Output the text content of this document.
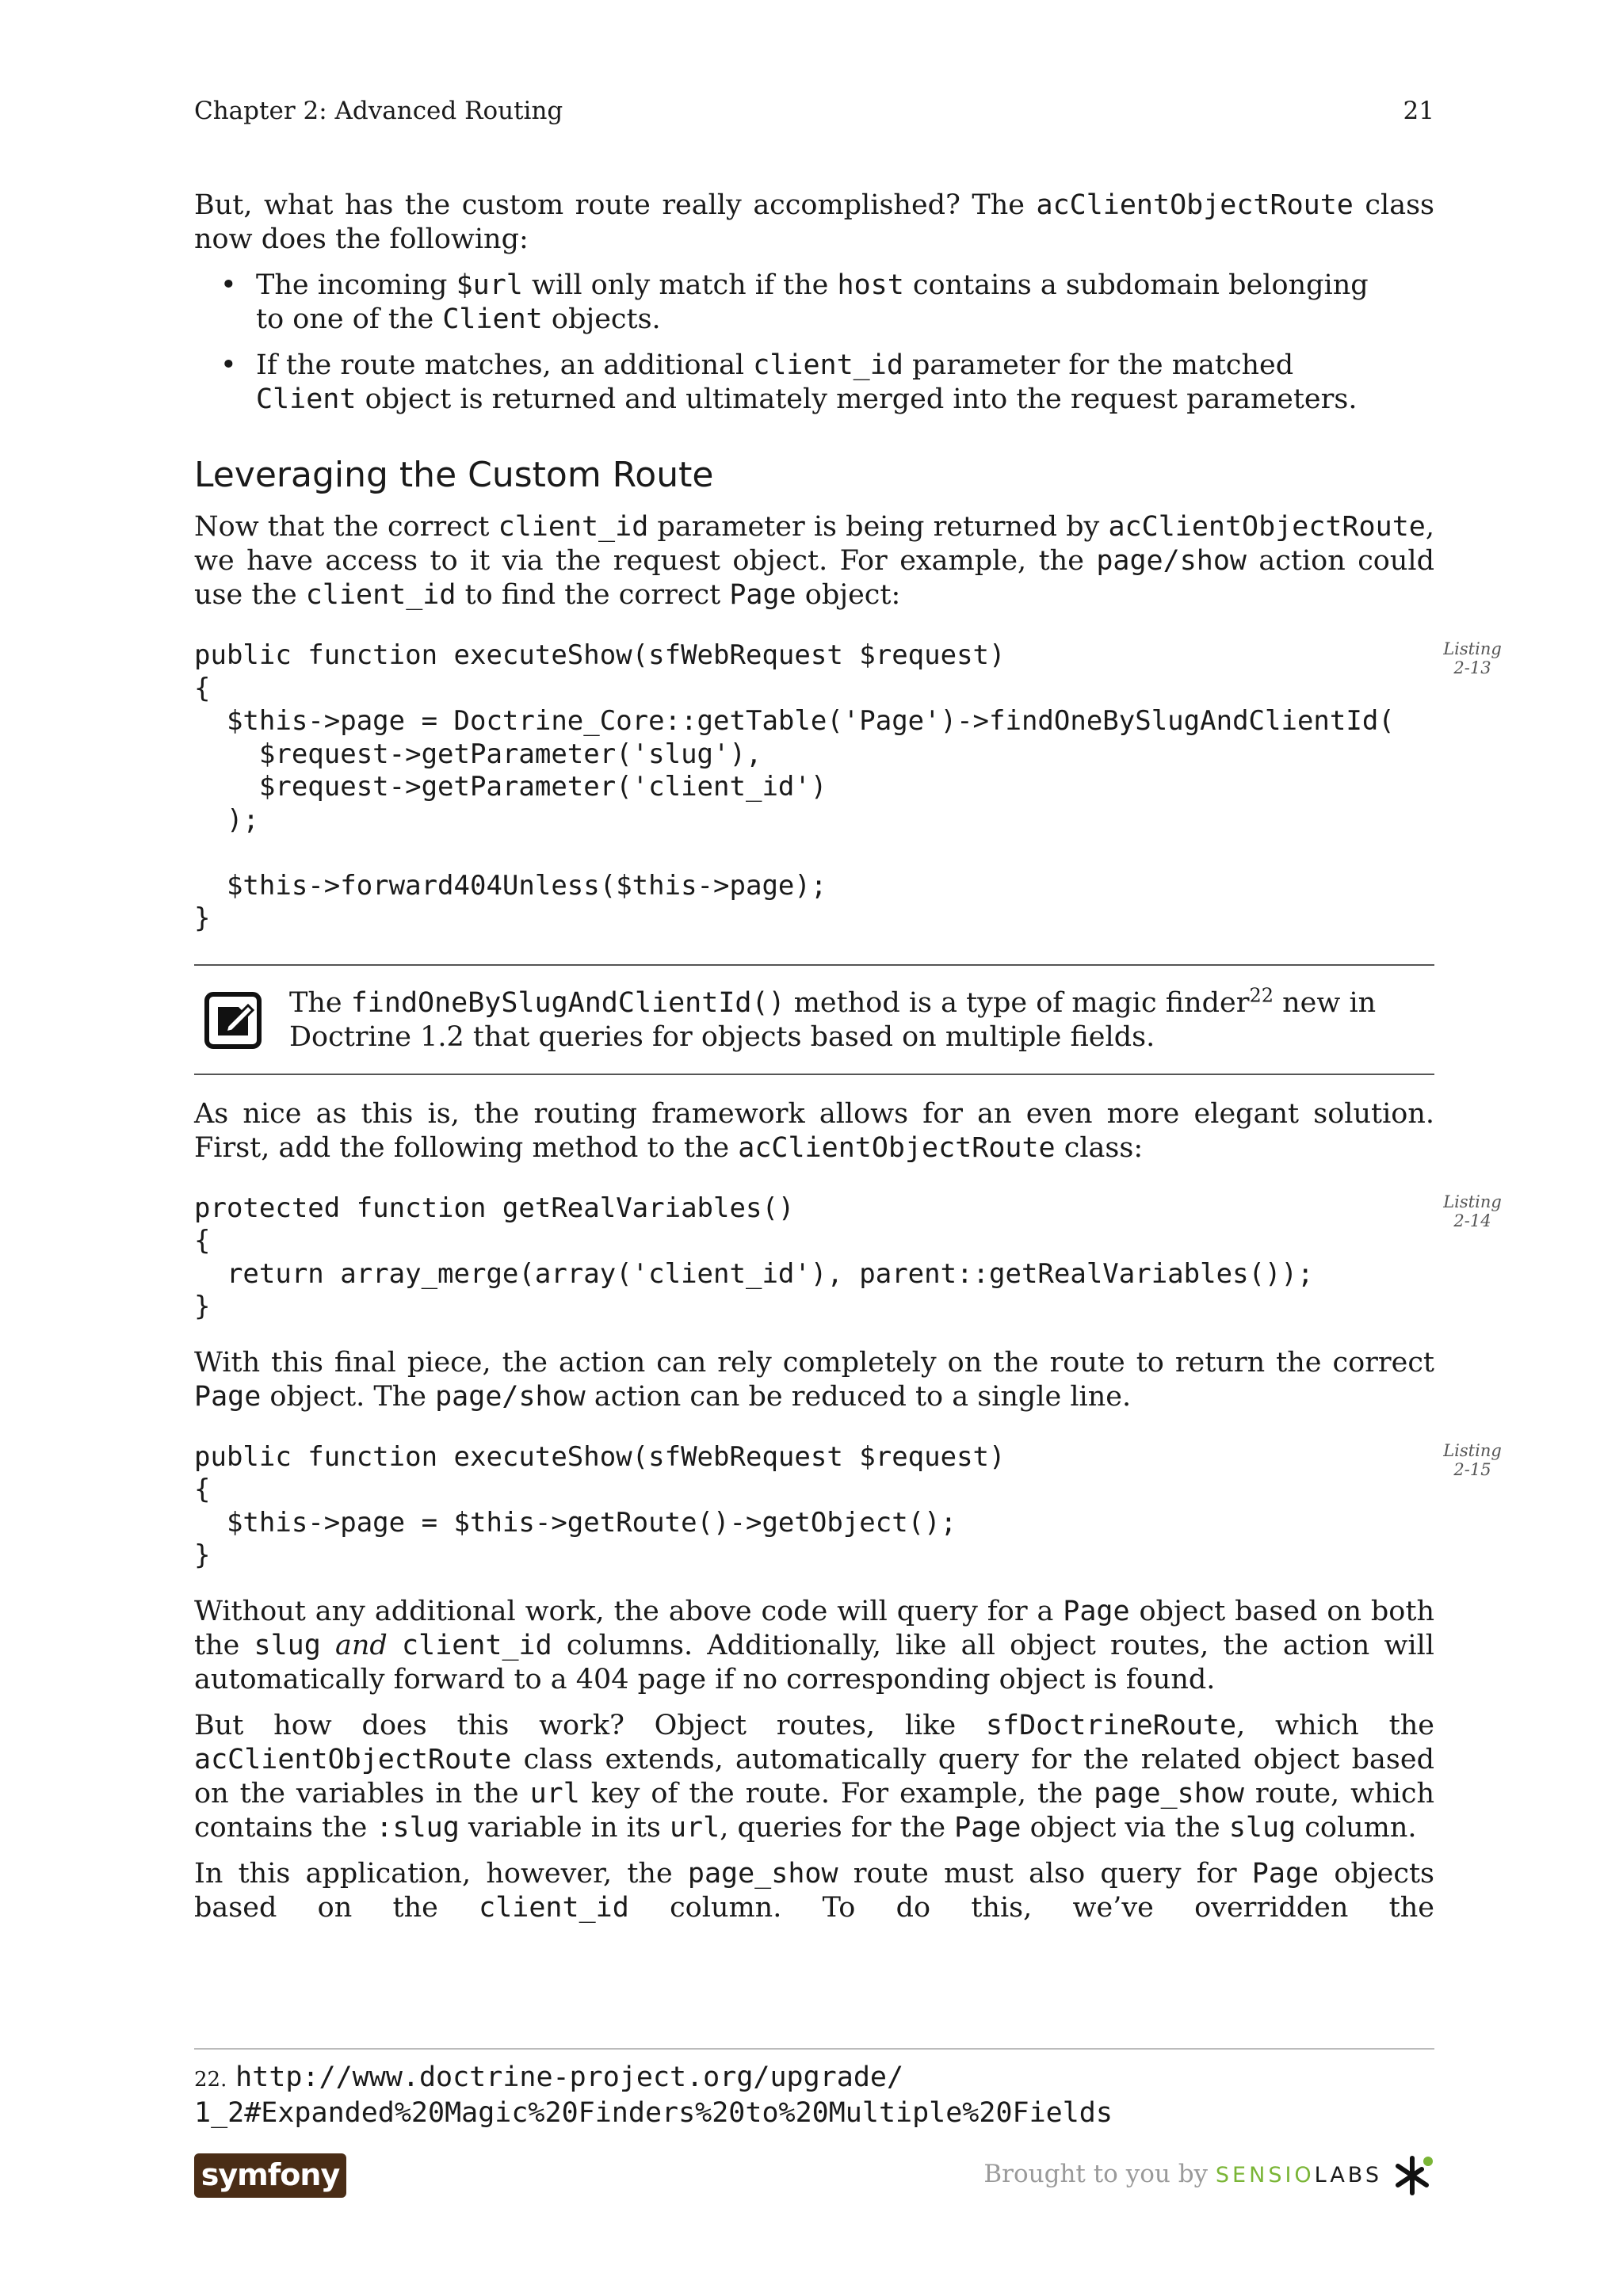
Chapter 2: Advanced Routing	21

But, what has the custom route really accomplished? The acClientObjectRoute class now does the following:

• The incoming $url will only match if the host contains a subdomain belonging to one of the Client objects.
• If the route matches, an additional client_id parameter for the matched Client object is returned and ultimately merged into the request parameters.
Leveraging the Custom Route

Now that the correct client_id parameter is being returned by acClientObjectRoute, we have access to it via the request object. For example, the page/show action could use the client_id to find the correct Page object:

public function executeShow(sfWebRequest $request)
{
$this->page = Doctrine_Core::getTable('Page')->findOneBySlugAndClientId(
$request->getParameter('slug'),
$request->getParameter('client_id')
);

$this->forward404Unless($this->page);
}
Listing
2-13
The findOneBySlugAndClientId() method is a type of magic finder$^{22}$ new in Doctrine 1.2 that queries for objects based on multiple fields.

As nice as this is, the routing framework allows for an even more elegant solution. First, add the following method to the acClientObjectRoute class:

protected function getRealVariables()
{
return array_merge(array('client_id'), parent::getRealVariables());
}
Listing
2-14

With this final piece, the action can rely completely on the route to return the correct Page object. The page/show action can be reduced to a single line.

public function executeShow(sfWebRequest $request)
{
$this->page = $this->getRoute()->getObject();
}
Listing
2-15

Without any additional work, the above code will query for a Page object based on both the slug and client_id columns. Additionally, like all object routes, the action will automatically forward to a 404 page if no corresponding object is found.

But how does this work? Object routes, like sfDoctrineRoute, which the acClientObjectRoute class extends, automatically query for the related object based on the variables in the url key of the route. For example, the page_show route, which contains the :slug variable in its url, queries for the Page object via the slug column.

In this application, however, the page_show route must also query for Page objects based on the client_id column. To do this, we’ve overridden the

22. http://www.doctrine-project.org/upgrade/
1_2#Expanded%20Magic%20Finders%20to%20Multiple%20Fields
symfony	Brought to you by SENSIOLABS
